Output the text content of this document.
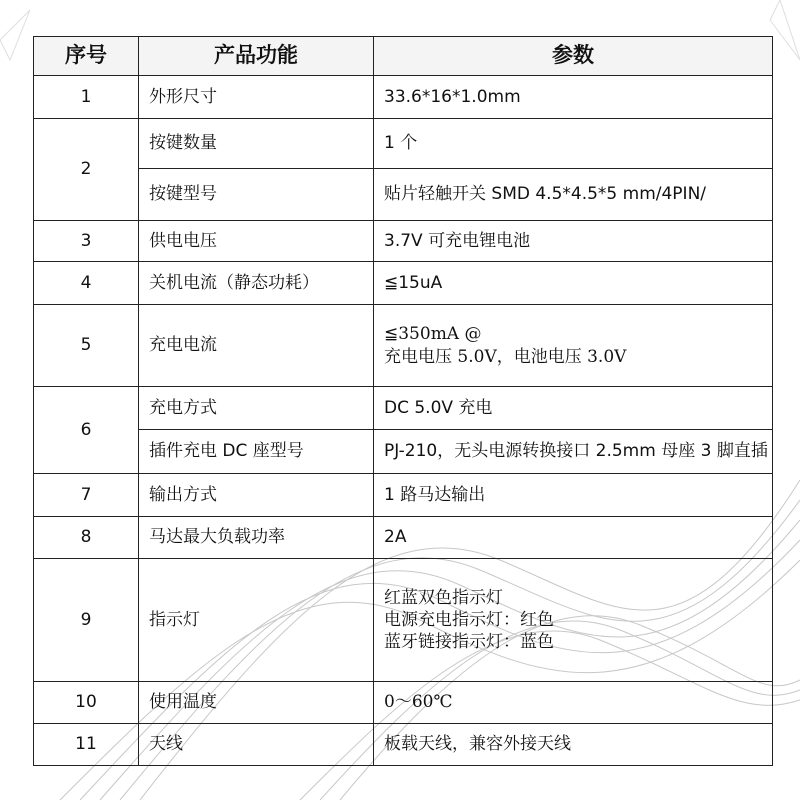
序号	产品功能	参数
1	外形尺寸	33.6*16*1.0mm

2	按键数量	1 个

	按键型号	贴片轻触开关 SMD 4.5*4.5*5 mm/4PIN/

3	供电电压	3.7V 可充电锂电池

4	关机电流（静态功耗）	≦15uA

5	充电电流	≦350mA @
充电电压 5.0V，电池电压 3.0V

6	充电方式	DC 5.0V 充电

	插件充电 DC 座型号	PJ-210，无头电源转换接口 2.5mm 母座 3 脚直插

7	输出方式	1 路马达输出

8	马达最大负载功率	2A

9	指示灯	红蓝双色指示灯
电源充电指示灯：红色
蓝牙链接指示灯：蓝色

10	使用温度	0～60℃

11	天线	板载天线，兼容外接天线
